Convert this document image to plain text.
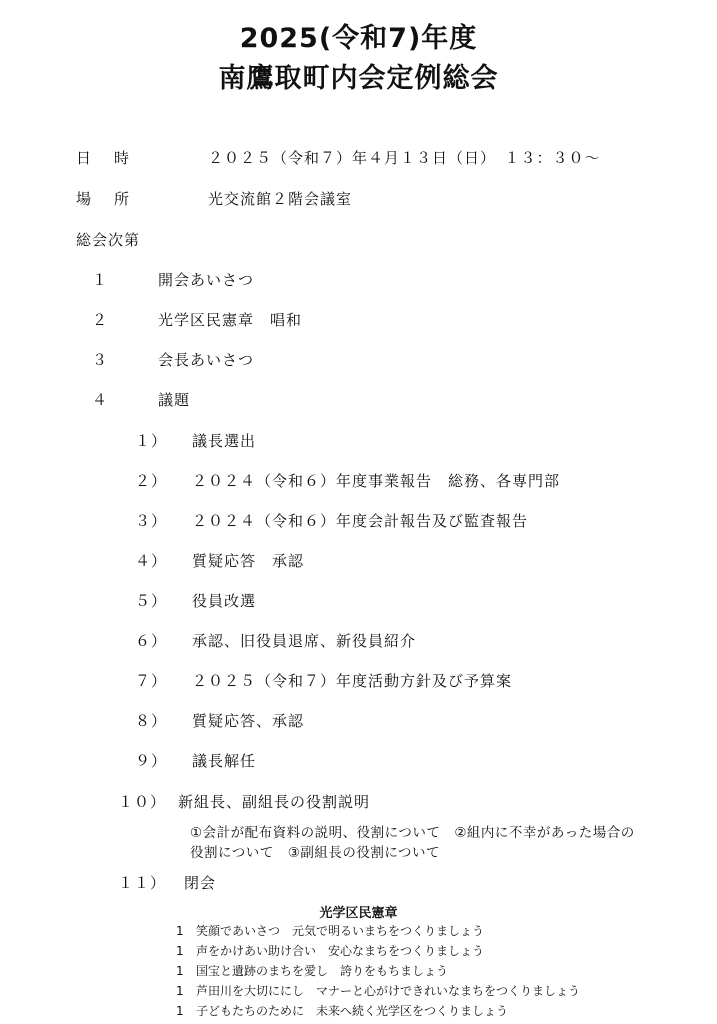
2025(令和7)年度
南鷹取町内会定例総会
日　時	２０２５（令和７）年４月１３日（日）　１３：３０～
場　所	光交流館２階会議室
総会次第
１	開会あいさつ
２	光学区民憲章　唱和
３	会長あいさつ
４	議題
１） 議長選出
２） ２０２４（令和６）年度事業報告　総務、各専門部
３） ２０２４（令和６）年度会計報告及び監査報告
４） 質疑応答　承認
５） 役員改選
６） 承認、旧役員退席、新役員紹介
７） ２０２５（令和７）年度活動方針及び予算案
８） 質疑応答、承認
９） 議長解任
１０） 新組長、副組長の役割説明
①会計が配布資料の説明、役割について　②組内に不幸があった場合の
役割について　③副組長の役割について
１１） 閉会
光学区民憲章
1 笑顔であいさつ　元気で明るいまちをつくりましょう
1 声をかけあい助け合い　安心なまちをつくりましょう
1 国宝と遺跡のまちを愛し　誇りをもちましょう
1 芦田川を大切ににし　マナーと心がけできれいなまちをつくりましょう
1 子どもたちのために　未来へ続く光学区をつくりましょう
